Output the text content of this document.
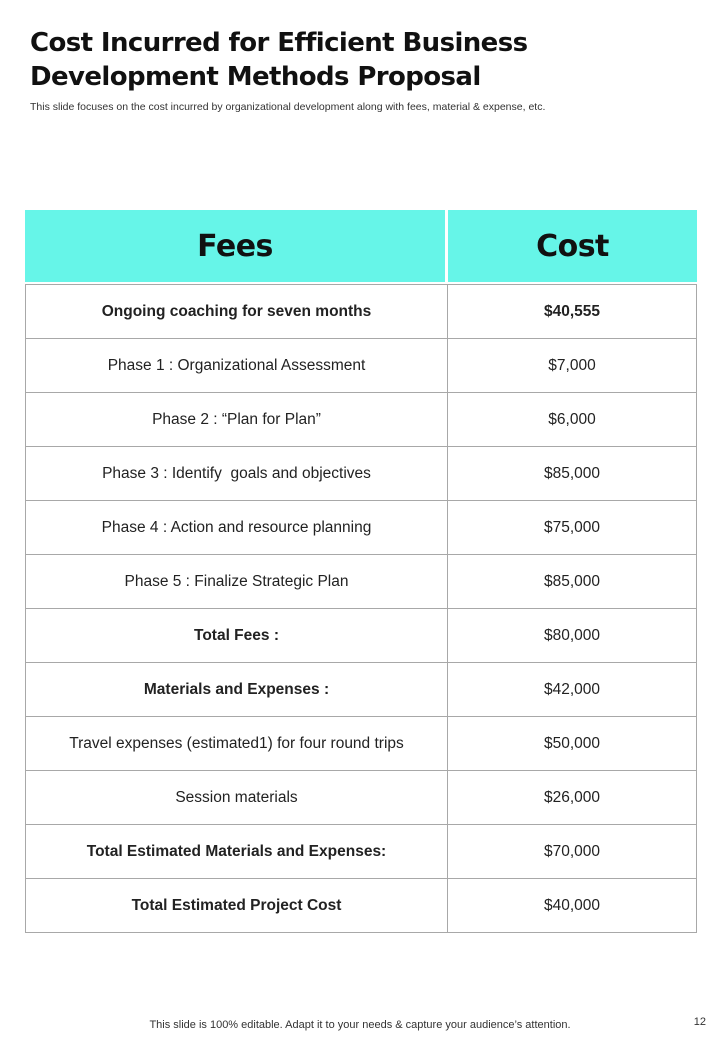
Cost Incurred for Efficient Business Development Methods Proposal
This slide focuses on the cost incurred by organizational development along with fees, material & expense, etc.
Fees	Cost

Ongoing coaching for seven months	$40,555
Phase 1 : Organizational Assessment	$7,000
Phase 2 : “Plan for Plan”	$6,000
Phase 3 : Identify  goals and objectives	$85,000
Phase 4 : Action and resource planning	$75,000
Phase 5 : Finalize Strategic Plan	$85,000
Total Fees :	$80,000
Materials and Expenses :	$42,000
Travel expenses (estimated1) for four round trips	$50,000
Session materials	$26,000
Total Estimated Materials and Expenses:	$70,000
Total Estimated Project Cost	$40,000
This slide is 100% editable. Adapt it to your needs & capture your audience’s attention.	12
